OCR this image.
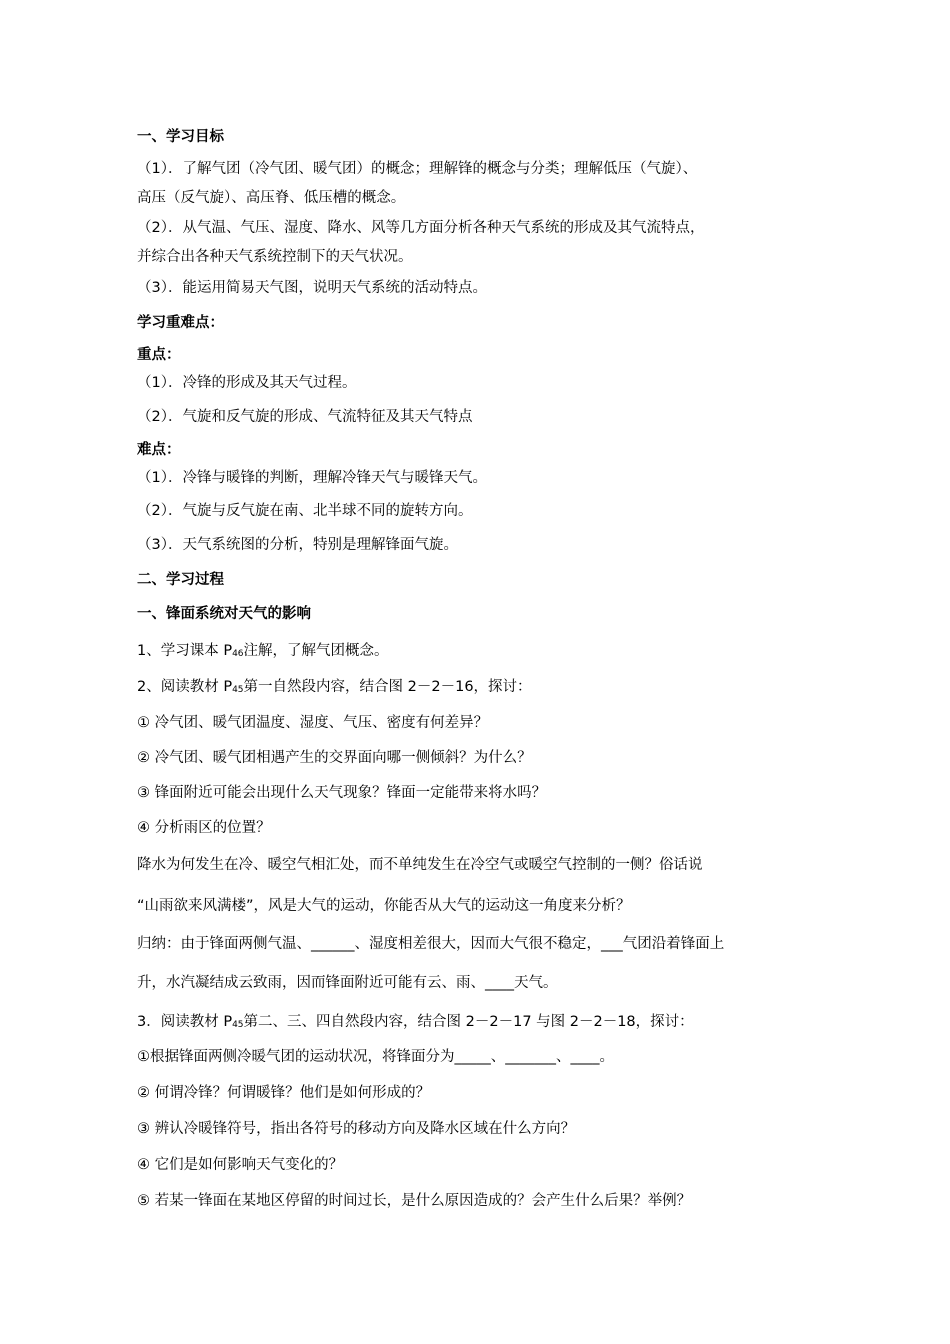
一、学习目标
（1）．了解气团（冷气团、暖气团）的概念；理解锋的概念与分类；理解低压（气旋）、
高压（反气旋）、高压脊、低压槽的概念。
（2）．从气温、气压、湿度、降水、风等几方面分析各种天气系统的形成及其气流特点，
并综合出各种天气系统控制下的天气状况。
（3）．能运用简易天气图，说明天气系统的活动特点。
学习重难点：
重点：
（1）．冷锋的形成及其天气过程。
（2）．气旋和反气旋的形成、气流特征及其天气特点
难点：
（1）．冷锋与暖锋的判断，理解冷锋天气与暖锋天气。
（2）．气旋与反气旋在南、北半球不同的旋转方向。
（3）．天气系统图的分析，特别是理解锋面气旋。
二、学习过程
一、锋面系统对天气的影响
1、学习课本 P46注解，了解气团概念。
2、阅读教材 P45第一自然段内容，结合图 2－2－16，探讨：
① 冷气团、暖气团温度、湿度、气压、密度有何差异？
② 冷气团、暖气团相遇产生的交界面向哪一侧倾斜？为什么？
③ 锋面附近可能会出现什么天气现象？锋面一定能带来将水吗？
④ 分析雨区的位置？
降水为何发生在冷、暖空气相汇处，而不单纯发生在冷空气或暖空气控制的一侧？俗话说
“山雨欲来风满楼”，风是大气的运动，你能否从大气的运动这一角度来分析？
归纳：由于锋面两侧气温、______、湿度相差很大，因而大气很不稳定，___气团沿着锋面上
升，水汽凝结成云致雨，因而锋面附近可能有云、雨、____天气。
3．阅读教材 P45第二、三、四自然段内容，结合图 2－2－17 与图 2－2－18，探讨：
①根据锋面两侧冷暖气团的运动状况，将锋面分为_____、_______、____。
② 何谓冷锋？何谓暖锋？他们是如何形成的？
③ 辨认冷暖锋符号，指出各符号的移动方向及降水区域在什么方向？
④ 它们是如何影响天气变化的？
⑤ 若某一锋面在某地区停留的时间过长，是什么原因造成的？会产生什么后果？举例？
